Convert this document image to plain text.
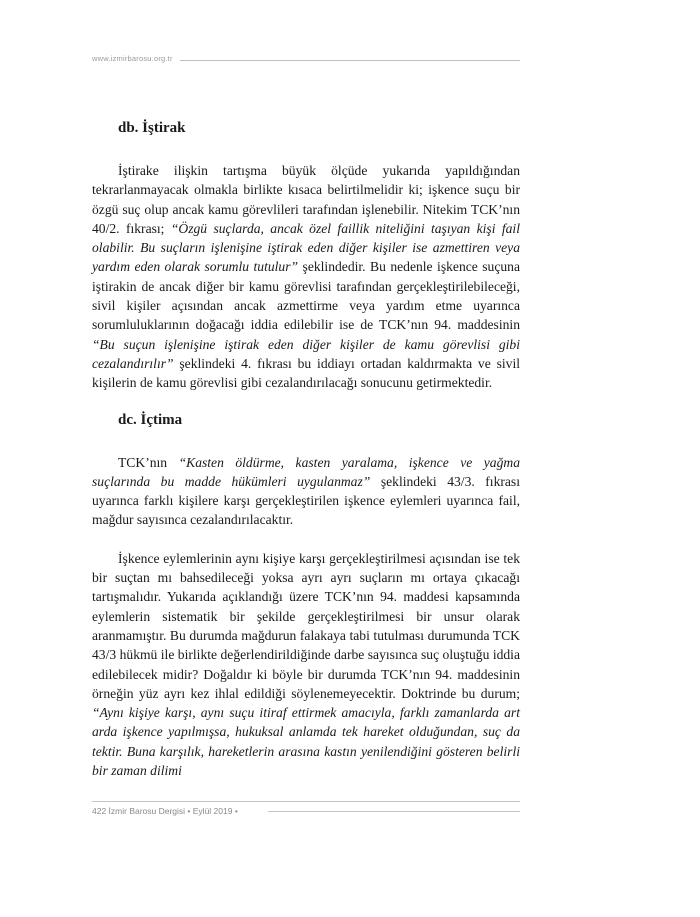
www.izmirbarosu.org.tr
db. İştirak

İştirake ilişkin tartışma büyük ölçüde yukarıda yapıldığından tekrarlanmayacak olmakla birlikte kısaca belirtilmelidir ki; işkence suçu bir özgü suç olup ancak kamu görevlileri tarafından işlenebilir. Nitekim TCK’nın 40/2. fıkrası; “Özgü suçlarda, ancak özel faillik niteliğini taşıyan kişi fail olabilir. Bu suçların işlenişine iştirak eden diğer kişiler ise azmettiren veya yardım eden olarak sorumlu tutulur” şeklindedir. Bu nedenle işkence suçuna iştirakin de ancak diğer bir kamu görevlisi tarafından gerçekleştirilebileceği, sivil kişiler açısından ancak azmettirme veya yardım etme uyarınca sorumluluklarının doğacağı iddia edilebilir ise de TCK’nın 94. maddesinin “Bu suçun işlenişine iştirak eden diğer kişiler de kamu görevlisi gibi cezalandırılır” şeklindeki 4. fıkrası bu iddiayı ortadan kaldırmakta ve sivil kişilerin de kamu görevlisi gibi cezalandırılacağı sonucunu getirmektedir.

dc. İçtima

TCK’nın “Kasten öldürme, kasten yaralama, işkence ve yağma suçlarında bu madde hükümleri uygulanmaz” şeklindeki 43/3. fıkrası uyarınca farklı kişilere karşı gerçekleştirilen işkence eylemleri uyarınca fail, mağdur sayısınca cezalandırılacaktır.

İşkence eylemlerinin aynı kişiye karşı gerçekleştirilmesi açısından ise tek bir suçtan mı bahsedileceği yoksa ayrı ayrı suçların mı ortaya çıkacağı tartışmalıdır. Yukarıda açıklandığı üzere TCK’nın 94. maddesi kapsamında eylemlerin sistematik bir şekilde gerçekleştirilmesi bir unsur olarak aranmamıştır. Bu durumda mağdurun falakaya tabi tutulması durumunda TCK 43/3 hükmü ile birlikte değerlendirildiğinde darbe sayısınca suç oluştuğu iddia edilebilecek midir? Doğaldır ki böyle bir durumda TCK’nın 94. maddesinin örneğin yüz ayrı kez ihlal edildiği söylenemeyecektir. Doktrinde bu durum; “Aynı kişiye karşı, aynı suçu itiraf ettirmek amacıyla, farklı zamanlarda art arda işkence yapılmışsa, hukuksal anlamda tek hareket olduğundan, suç da tektir. Buna karşılık, hareketlerin arasına kastın yenilendiğini gösteren belirli bir zaman dilimi

422 İzmir Barosu Dergisi • Eylül 2019 •
